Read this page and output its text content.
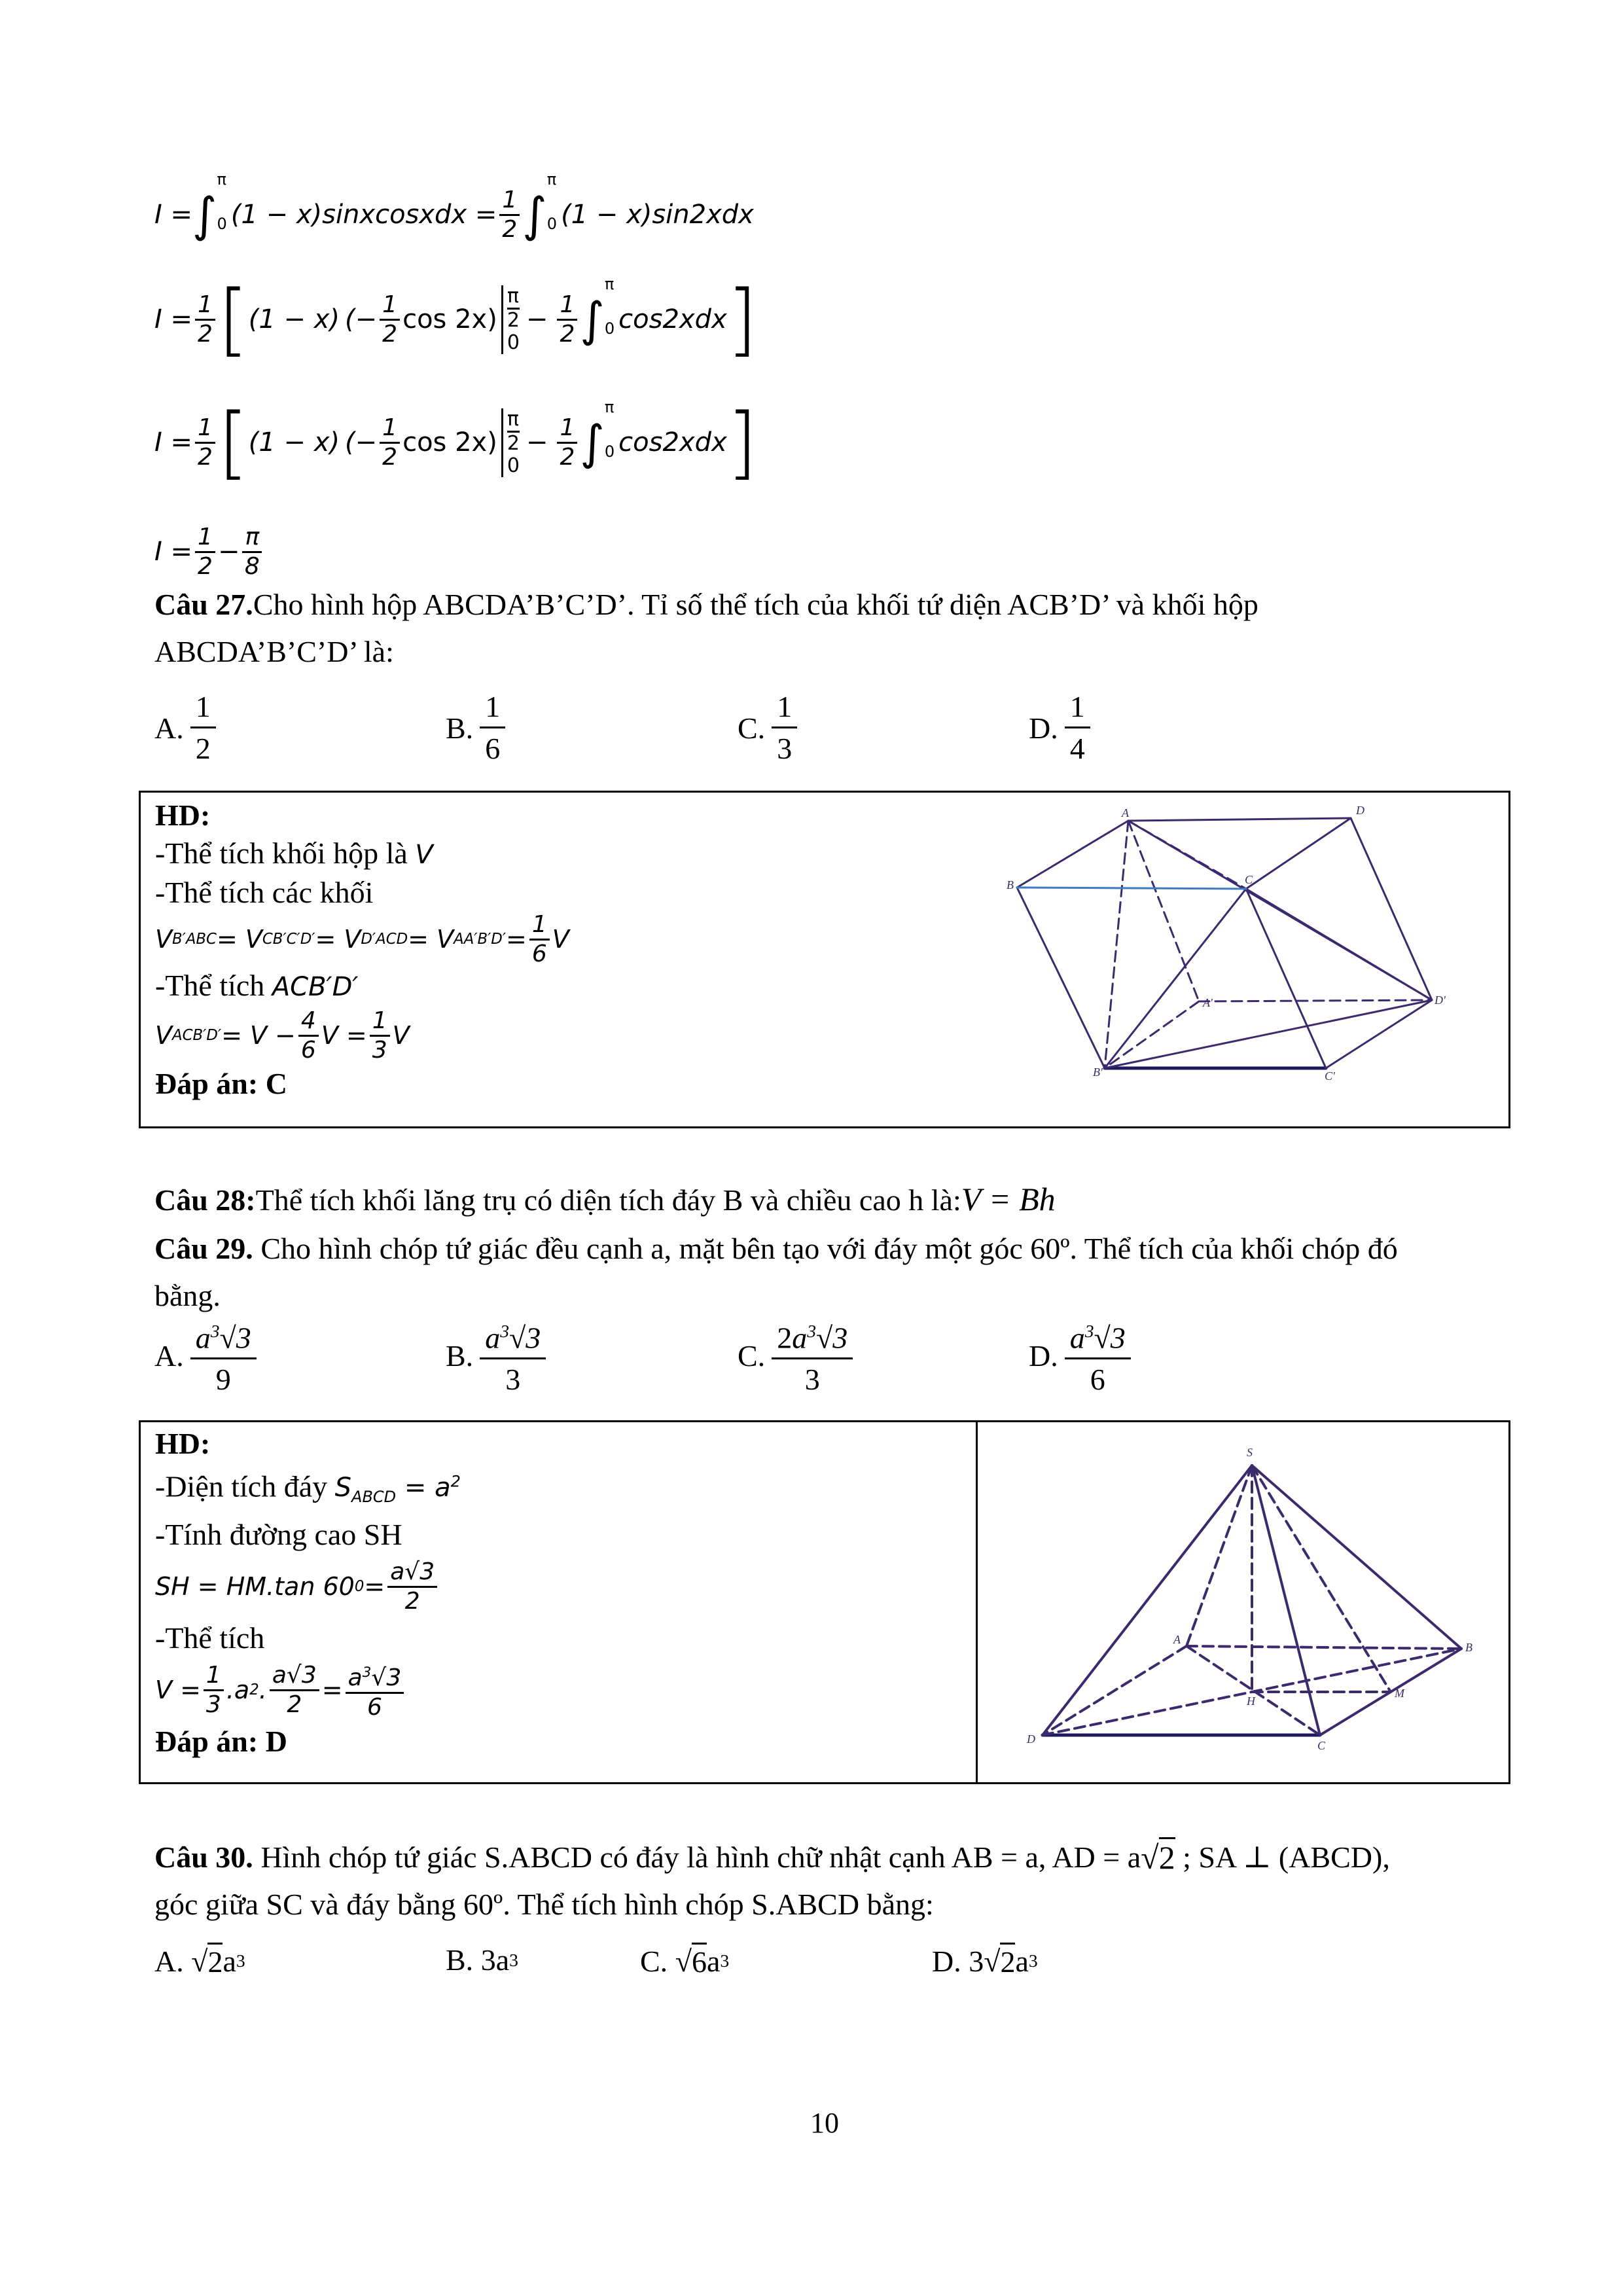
I = ∫
π
0 (1 − x)sinxcosxdx = $\frac{1}{2}$ ∫
π
0 (1 − x)sin2xdx
$I = \frac{1}{2}$ [ (1 − x) (− $\frac{1}{2}$ cos 2x)
π
2
0
− $\frac{1}{2}$ ∫
π
0 cos2xdx ]
$I = \frac{1}{2}$ [ (1 − x) (− $\frac{1}{2}$ cos 2x)
π
2
0
− $\frac{1}{2}$ ∫
π
0 cos2xdx ]
$I = \frac{1}{2} - \frac{\pi}{8}$
Câu 27.Cho hình hộp ABCDA’B’C’D’. Tỉ số thể tích của khối tứ diện ACB’D’ và khối hộp
ABCDA’B’C’D’ là:
A. $\frac{1}{2}$	B. $\frac{1}{6}$	C. $\frac{1}{3}$	D. $\frac{1}{4}$
HD:
-Thể tích khối hộp là V
-Thể tích các khối
V B′ABC = V CB′C′D′ = V D′ACD = V $AA'B'D' = \frac{1}{6}$ V
-Thể tích ACB′D′
V $ACB'D' = V - \frac{4}{6}$ $V = \frac{1}{3}$ V
Đáp án: C
A	D
B	C
A'	D'
B'	C'
Câu 28:Thể tích khối lăng trụ có diện tích đáy B và chiều cao h là:V = Bh
Câu 29. Cho hình chóp tứ giác đều cạnh a, mặt bên tạo với đáy một góc 60º. Thể tích của khối chóp đó
bằng.
A. $\frac{a^3√3}{9}$	B. $\frac{a^3√3}{3}$	C. $\frac{2a^3√3}{3}$	D. $\frac{a^3√3}{6}$
HD:
-Diện tích đáy $S_{ABCD} = a^2$
-Tính đường cao SH
SH = HM.tan 60 $0 = \frac{a√3}{2}$
-Thể tích
$V = \frac{1}{3} .a$ 2 . $\frac{a√3}{2} = \frac{a^3√3}{6}$
Đáp án: D
S
A
B
C
D
H
M
Câu 30.
Hình chóp tứ giác S.ABCD có đáy là hình chữ nhật cạnh AB = a, AD = a √2
; SA ⊥ (ABCD),
góc giữa SC và đáy bằng 60º. Thể tích hình chóp S.ABCD bằng:
A.
√ 2 a 3	B.
3 a 3	C.
√ 6 a 3	D.
3 √ 2 a 3
10
